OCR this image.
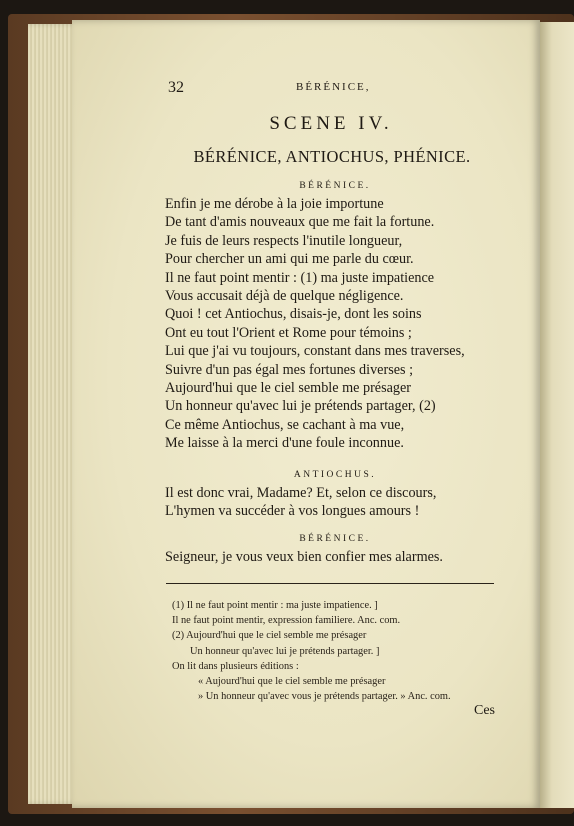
32	BÉRÉNICE,
SCENE IV.
BÉRÉNICE, ANTIOCHUS, PHÉNICE.

BÉRÉNICE.

Enfin je me dérobe à la joie importune
De tant d'amis nouveaux que me fait la fortune.
Je fuis de leurs respects l'inutile longueur,
Pour chercher un ami qui me parle du cœur.
Il ne faut point mentir : (1) ma juste impatience
Vous accusait déjà de quelque négligence.
Quoi ! cet Antiochus, disais-je, dont les soins
Ont eu tout l'Orient et Rome pour témoins ;
Lui que j'ai vu toujours, constant dans mes traverses,
Suivre d'un pas égal mes fortunes diverses ;
Aujourd'hui que le ciel semble me présager
Un honneur qu'avec lui je prétends partager, (2)
Ce même Antiochus, se cachant à ma vue,
Me laisse à la merci d'une foule inconnue.

ANTIOCHUS.

Il est donc vrai, Madame? Et, selon ce discours,
L'hymen va succéder à vos longues amours !

BÉRÉNICE.

Seigneur, je vous veux bien confier mes alarmes.

(1) Il ne faut point mentir : ma juste impatience. ]
Il ne faut point mentir, expression familiere. Anc. com.
(2) Aujourd'hui que le ciel semble me présager
Un honneur qu'avec lui je prétends partager. ]
On lit dans plusieurs éditions :
« Aujourd'hui que le ciel semble me présager
» Un honneur qu'avec vous je prétends partager. » Anc. com.
Ces
